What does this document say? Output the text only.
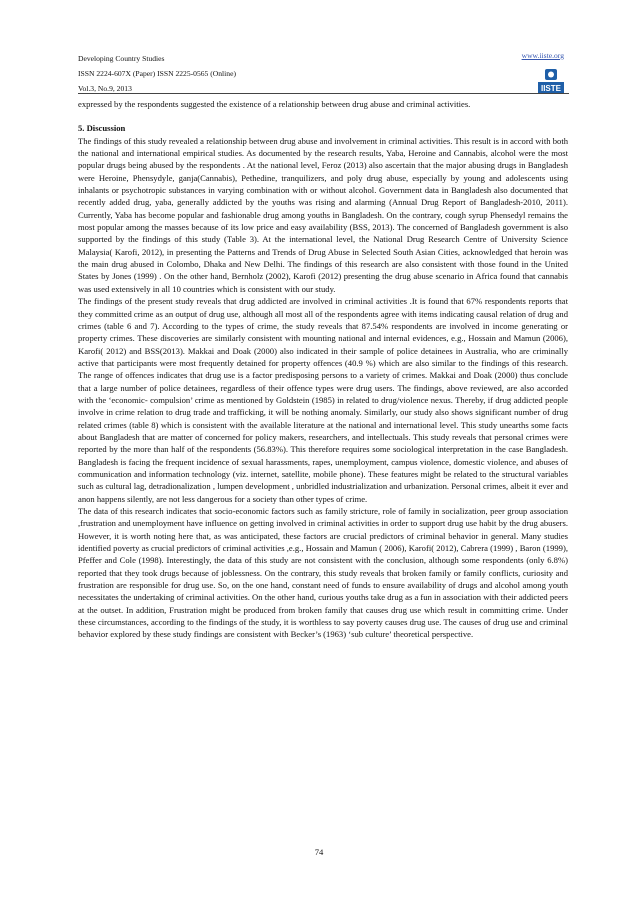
Developing Country Studies
ISSN 2224-607X (Paper) ISSN 2225-0565 (Online)
Vol.3, No.9, 2013
www.iiste.org
IISTE

expressed by the respondents suggested the existence of a relationship between drug abuse and criminal activities.

5. Discussion

The findings of this study revealed a relationship between drug abuse and involvement in criminal activities. This result is in accord with both the national and international empirical studies. As documented by the research results, Yaba, Heroine and Cannabis, alcohol were the most popular drugs being abused by the respondents . At the national level, Feroz (2013) also ascertain that the major abusing drugs in Bangladesh were Heroine, Phensydyle, ganja(Cannabis), Pethedine, tranquilizers, and poly drug abuse, especially by young and adolescents using inhalants or psychotropic substances in varying combination with or without alcohol. Government data in Bangladesh also documented that recently added drug, yaba, generally addicted by the youths was rising and alarming (Annual Drug Report of Bangladesh-2010, 2011). Currently, Yaba has become popular and fashionable drug among youths in Bangladesh. On the contrary, cough syrup Phensedyl remains the most popular among the masses because of its low price and easy availability (BSS, 2013). The concerned of Bangladesh government is also supported by the findings of this study (Table 3). At the international level, the National Drug Research Centre of University Science Malaysia( Karofi, 2012), in presenting the Patterns and Trends of Drug Abuse in Selected South Asian Cities, acknowledged that heroin was the main drug abused in Colombo, Dhaka and New Delhi. The findings of this research are also consistent with those found in the United States by Jones (1999) . On the other hand, Bernholz (2002), Karofi (2012) presenting the drug abuse scenario in Africa found that cannabis was used extensively in all 10 countries which is consistent with our study.

The findings of the present study reveals that drug addicted are involved in criminal activities .It is found that 67% respondents reports that they committed crime as an output of drug use, although all most all of the respondents agree with items indicating causal relation of drug and crimes (table 6 and 7). According to the types of crime, the study reveals that 87.54% respondents are involved in income generating or property crimes. These discoveries are similarly consistent with mounting national and internal evidences, e.g., Hossain and Mamun (2006), Karofi( 2012) and BSS(2013). Makkai and Doak (2000) also indicated in their sample of police detainees in Australia, who are criminally active that participants were most frequently detained for property offences (40.9 %) which are also similar to the findings of this research. The range of offences indicates that drug use is a factor predisposing persons to a variety of crimes. Makkai and Doak (2000) thus conclude that a large number of police detainees, regardless of their offence types were drug users. The findings, above reviewed, are also accorded with the ‘economic- compulsion’ crime as mentioned by Goldstein (1985) in related to drug/violence nexus. Thereby, if drug addicted people involve in crime relation to drug trade and trafficking, it will be nothing anomaly. Similarly, our study also shows significant number of drug related crimes (table 8) which is consistent with the available literature at the national and international level. This study unearths some facts about Bangladesh that are matter of concerned for policy makers, researchers, and intellectuals. This study reveals that personal crimes were reported by the more than half of the respondents (56.83%). This therefore requires some sociological interpretation in the case Bangladesh. Bangladesh is facing the frequent incidence of sexual harassments, rapes, unemployment, campus violence, domestic violence, and abuses of communication and information technology (viz. internet, satellite, mobile phone). These features might be related to the structural variables such as cultural lag, detradionalization , lumpen development , unbridled industrialization and urbanization. Personal crimes, albeit it ever and anon happens silently, are not less dangerous for a society than other types of crime.

The data of this research indicates that socio-economic factors such as family stricture, role of family in socialization, peer group association ,frustration and unemployment have influence on getting involved in criminal activities in order to support drug use habit by the drug abusers. However, it is worth noting here that, as was anticipated, these factors are crucial predictors of criminal behavior in general. Many studies identified poverty as crucial predictors of criminal activities ,e.g., Hossain and Mamun ( 2006), Karofi( 2012), Cabrera (1999) , Baron (1999), Pfeffer and Cole (1998). Interestingly, the data of this study are not consistent with the conclusion, although some respondents (only 6.8%) reported that they took drugs because of joblessness. On the contrary, this study reveals that broken family or family conflicts, curiosity and frustration are responsible for drug use. So, on the one hand, constant need of funds to ensure availability of drugs and alcohol among youth necessitates the undertaking of criminal activities. On the other hand, curious youths take drug as a fun in association with their addicted peers at the outset. In addition, Frustration might be produced from broken family that causes drug use which result in committing crime. Under these circumstances, according to the findings of the study, it is worthless to say poverty causes drug use. The causes of drug use and criminal behavior explored by these study findings are consistent with Becker’s (1963) ‘sub culture’ theoretical perspective.

74
